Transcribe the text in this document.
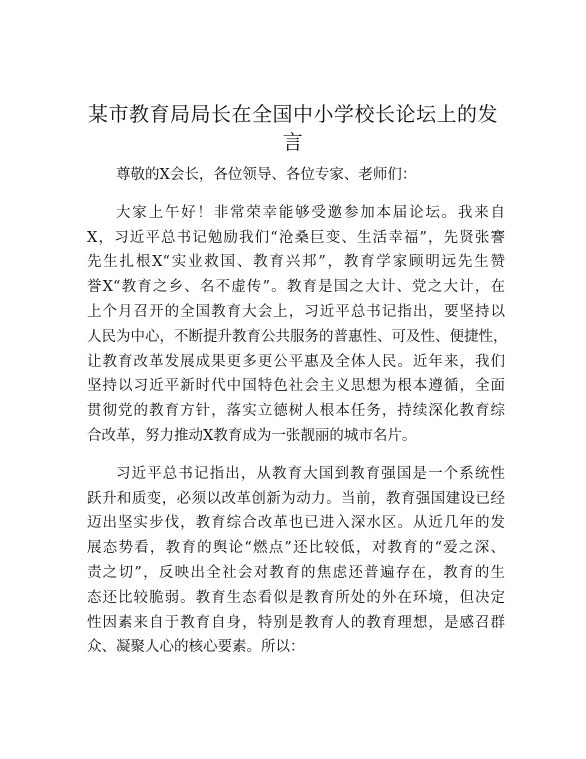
某市教育局局长在全国中小学校长论坛上的发
言
尊敬的X会长，各位领导、各位专家、老师们：
大家上午好！非常荣幸能够受邀参加本届论坛。我来自
X，习近平总书记勉励我们“沧桑巨变、生活幸福”，先贤张謇
先生扎根X“实业救国、教育兴邦”，教育学家顾明远先生赞
誉X“教育之乡、名不虚传”。教育是国之大计、党之大计，在
上个月召开的全国教育大会上，习近平总书记指出，要坚持以
人民为中心，不断提升教育公共服务的普惠性、可及性、便捷性，
让教育改革发展成果更多更公平惠及全体人民。近年来，我们
坚持以习近平新时代中国特色社会主义思想为根本遵循，全面
贯彻党的教育方针，落实立德树人根本任务，持续深化教育综
合改革，努力推动X教育成为一张靓丽的城市名片。
习近平总书记指出，从教育大国到教育强国是一个系统性
跃升和质变，必须以改革创新为动力。当前，教育强国建设已经
迈出坚实步伐，教育综合改革也已进入深水区。从近几年的发
展态势看，教育的舆论“燃点”还比较低，对教育的“爱之深、
责之切”，反映出全社会对教育的焦虑还普遍存在，教育的生
态还比较脆弱。教育生态看似是教育所处的外在环境，但决定
性因素来自于教育自身，特别是教育人的教育理想，是感召群
众、凝聚人心的核心要素。所以：
